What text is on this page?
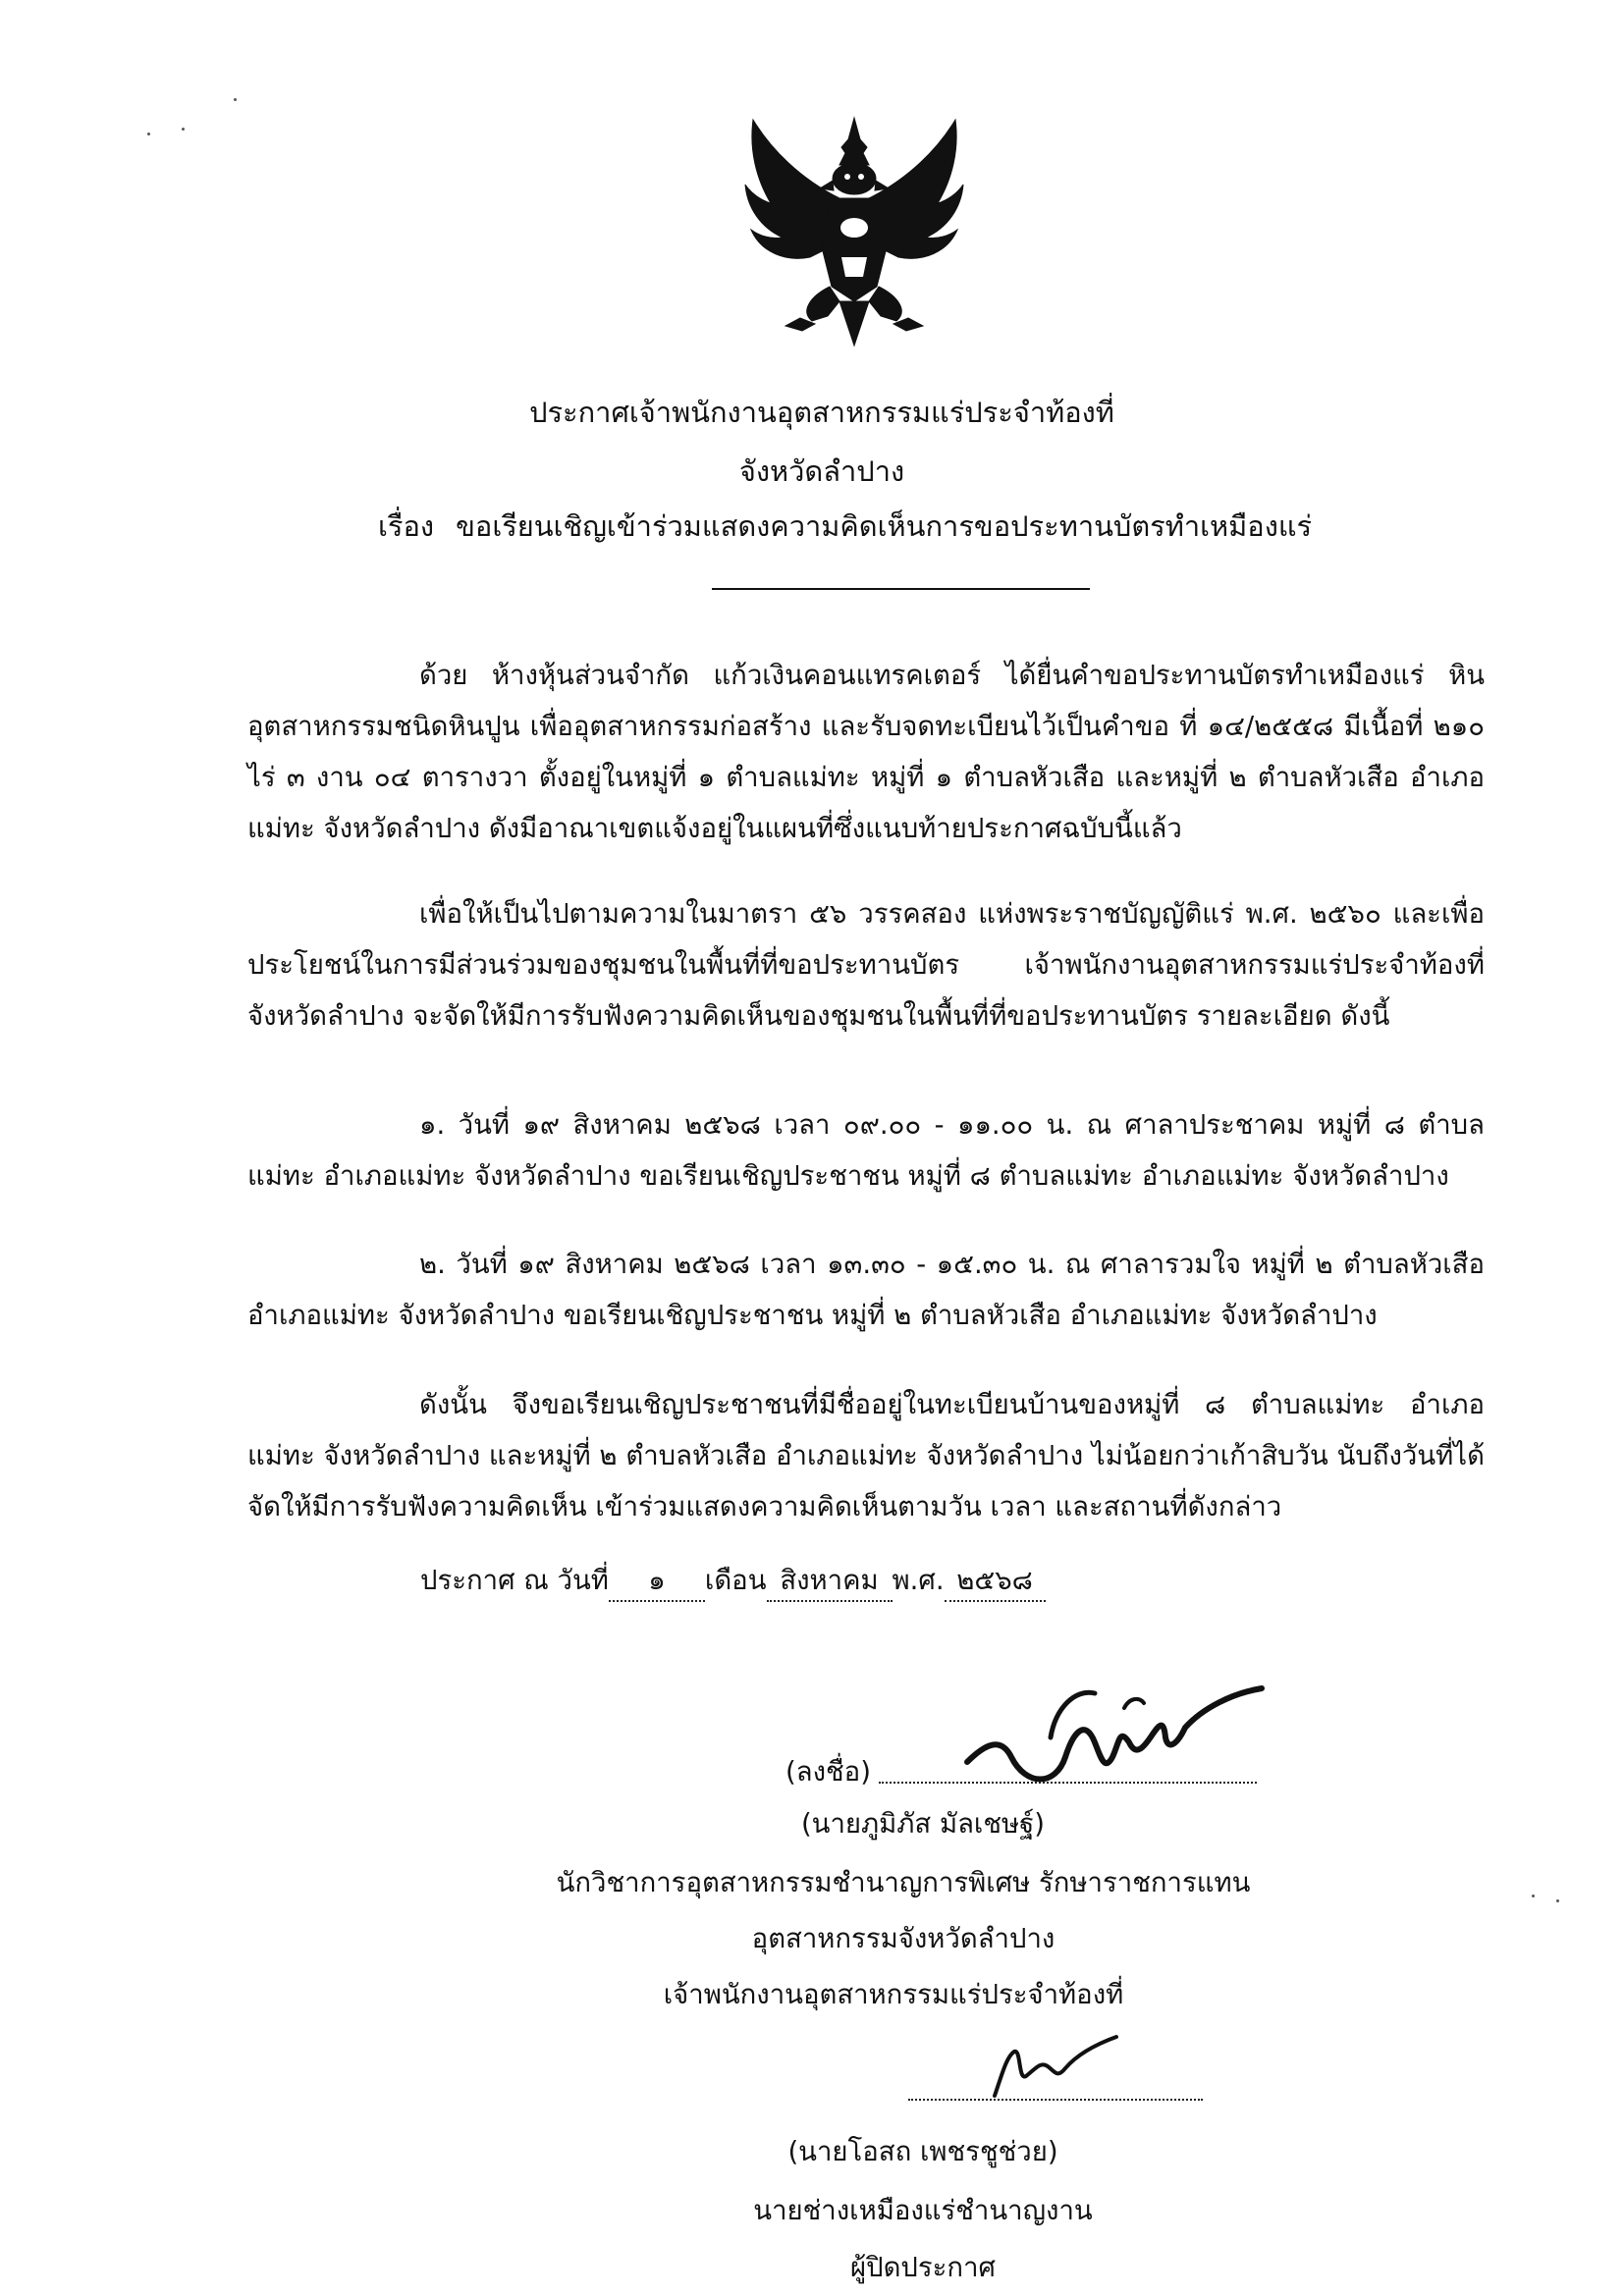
ประกาศเจ้าพนักงานอุตสาหกรรมแร่ประจำท้องที่
จังหวัดลำปาง
เรื่อง ขอเรียนเชิญเข้าร่วมแสดงความคิดเห็นการขอประทานบัตรทำเหมืองแร่

ด้วย ห้างหุ้นส่วนจำกัด แก้วเงินคอนแทรคเตอร์ ได้ยื่นคำขอประทานบัตรทำเหมืองแร่ หินอุตสาหกรรมชนิดหินปูน เพื่ออุตสาหกรรมก่อสร้าง และรับจดทะเบียนไว้เป็นคำขอ ที่ ๑๔/๒๕๕๘ มีเนื้อที่ ๒๑๐ ไร่ ๓ งาน ๐๔ ตารางวา ตั้งอยู่ในหมู่ที่ ๑ ตำบลแม่ทะ หมู่ที่ ๑ ตำบลหัวเสือ และหมู่ที่ ๒ ตำบลหัวเสือ อำเภอแม่ทะ จังหวัดลำปาง ดังมีอาณาเขตแจ้งอยู่ในแผนที่ซึ่งแนบท้ายประกาศฉบับนี้แล้ว

เพื่อให้เป็นไปตามความในมาตรา ๕๖ วรรคสอง แห่งพระราชบัญญัติแร่ พ.ศ. ๒๕๖๐ และเพื่อประโยชน์ในการมีส่วนร่วมของชุมชนในพื้นที่ที่ขอประทานบัตร เจ้าพนักงานอุตสาหกรรมแร่ประจำท้องที่จังหวัดลำปาง จะจัดให้มีการรับฟังความคิดเห็นของชุมชนในพื้นที่ที่ขอประทานบัตร รายละเอียด ดังนี้

๑. วันที่ ๑๙ สิงหาคม ๒๕๖๘ เวลา ๐๙.๐๐ - ๑๑.๐๐ น. ณ ศาลาประชาคม หมู่ที่ ๘ ตำบลแม่ทะ อำเภอแม่ทะ จังหวัดลำปาง ขอเรียนเชิญประชาชน หมู่ที่ ๘ ตำบลแม่ทะ อำเภอแม่ทะ จังหวัดลำปาง

๒. วันที่ ๑๙ สิงหาคม ๒๕๖๘ เวลา ๑๓.๓๐ - ๑๕.๓๐ น. ณ ศาลารวมใจ หมู่ที่ ๒ ตำบลหัวเสือ อำเภอแม่ทะ จังหวัดลำปาง ขอเรียนเชิญประชาชน หมู่ที่ ๒ ตำบลหัวเสือ อำเภอแม่ทะ จังหวัดลำปาง

ดังนั้น จึงขอเรียนเชิญประชาชนที่มีชื่ออยู่ในทะเบียนบ้านของหมู่ที่ ๘ ตำบลแม่ทะ อำเภอแม่ทะ จังหวัดลำปาง และหมู่ที่ ๒ ตำบลหัวเสือ อำเภอแม่ทะ จังหวัดลำปาง ไม่น้อยกว่าเก้าสิบวัน นับถึงวันที่ได้จัดให้มีการรับฟังความคิดเห็น เข้าร่วมแสดงความคิดเห็นตามวัน เวลา และสถานที่ดังกล่าว

ประกาศ ณ วันที่ ๑ เดือน สิงหาคม พ.ศ. ๒๕๖๘
(ลงชื่อ)
(นายภูมิภัส มัลเชษฐ์)
นักวิชาการอุตสาหกรรมชำนาญการพิเศษ รักษาราชการแทน
อุตสาหกรรมจังหวัดลำปาง
เจ้าพนักงานอุตสาหกรรมแร่ประจำท้องที่
(นายโอสถ เพชรชูช่วย)
นายช่างเหมืองแร่ชำนาญงาน
ผู้ปิดประกาศ
